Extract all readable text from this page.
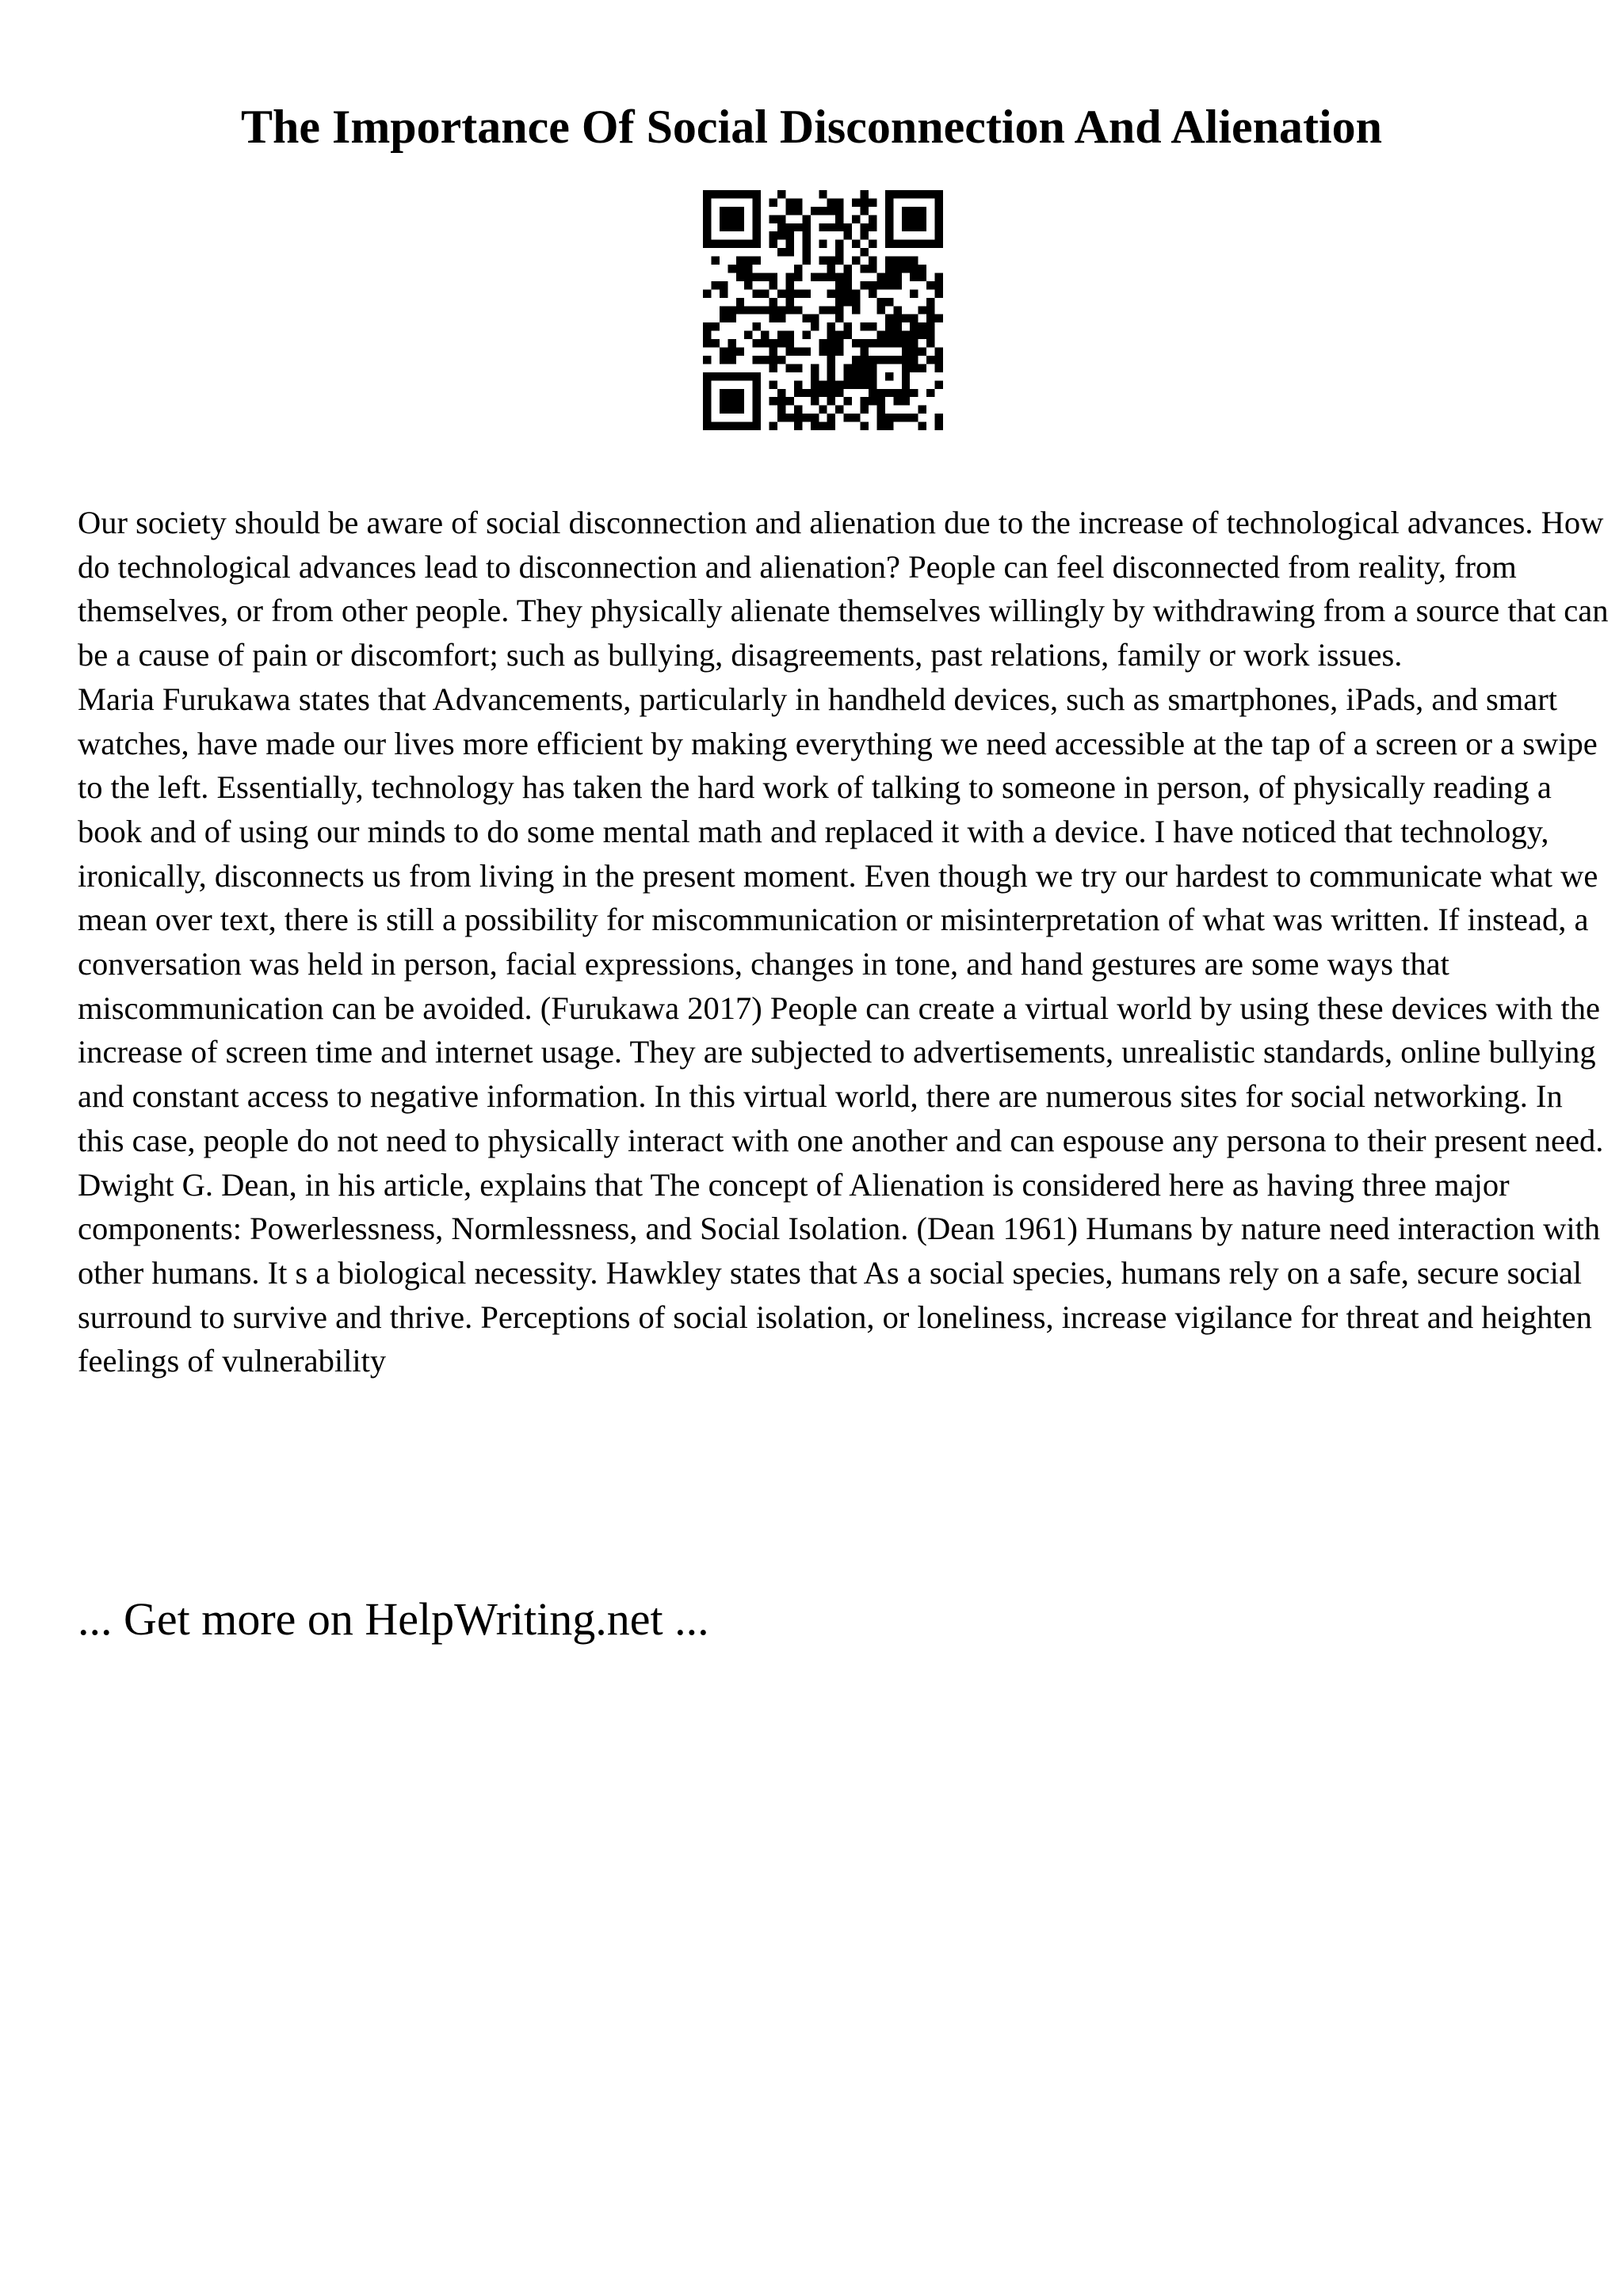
The Importance Of Social Disconnection And Alienation

Our society should be aware of social disconnection and alienation due to the increase of technological advances. How do technological advances lead to disconnection and alienation? People can feel disconnected from reality, from themselves, or from other people. They physically alienate themselves willingly by withdrawing from a source that can be a cause of pain or discomfort; such as bullying, disagreements, past relations, family or work issues.

Maria Furukawa states that Advancements, particularly in handheld devices, such as smartphones, iPads, and smart watches, have made our lives more efficient by making everything we need accessible at the tap of a screen or a swipe to the left. Essentially, technology has taken the hard work of talking to someone in person, of physically reading a book and of using our minds to do some mental math and replaced it with a device. I have noticed that technology, ironically, disconnects us from living in the present moment. Even though we try our hardest to communicate what we mean over text, there is still a possibility for miscommunication or misinterpretation of what was written. If instead, a conversation was held in person, facial expressions, changes in tone, and hand gestures are some ways that miscommunication can be avoided. (Furukawa 2017) People can create a virtual world by using these devices with the increase of screen time and internet usage. They are subjected to advertisements, unrealistic standards, online bullying and constant access to negative information. In this virtual world, there are numerous sites for social networking. In this case, people do not need to physically interact with one another and can espouse any persona to their present need.

Dwight G. Dean, in his article, explains that The concept of Alienation is considered here as having three major components: Powerlessness, Normlessness, and Social Isolation. (Dean 1961) Humans by nature need interaction with other humans. It s a biological necessity. Hawkley states that As a social species, humans rely on a safe, secure social surround to survive and thrive. Perceptions of social isolation, or loneliness, increase vigilance for threat and heighten feelings of vulnerability

... Get more on HelpWriting.net ...
